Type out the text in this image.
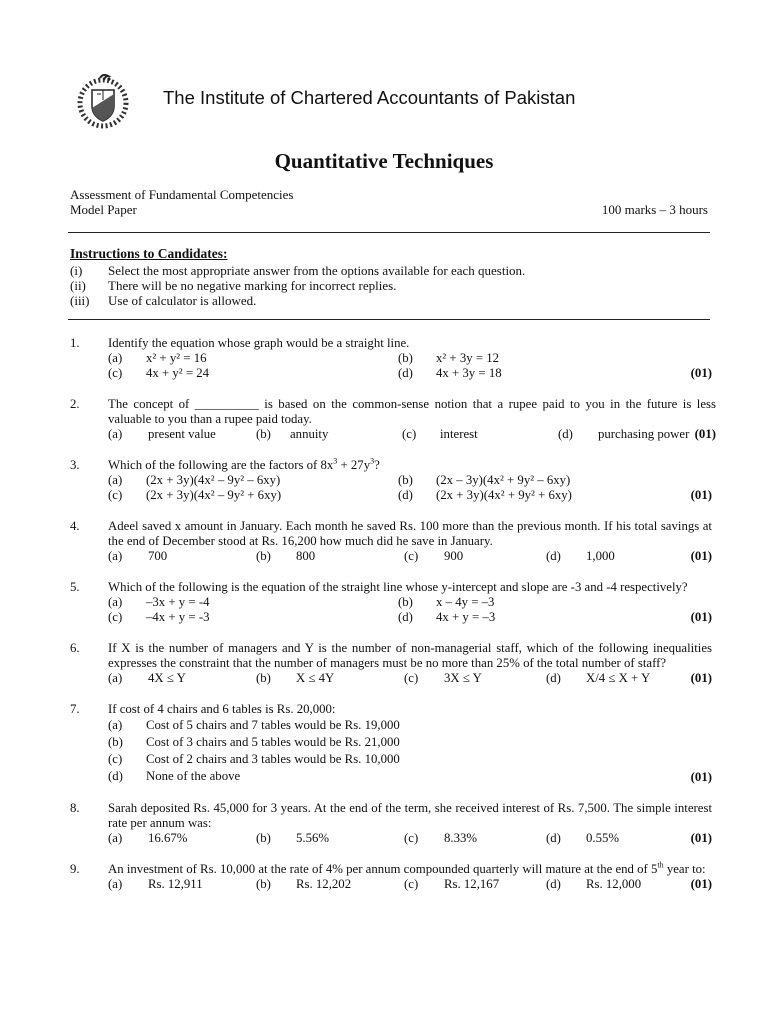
The Institute of Chartered Accountants of Pakistan
Quantitative Techniques
Assessment of Fundamental Competencies
Model Paper	100 marks – 3 hours
Instructions to Candidates:
(i)	Select the most appropriate answer from the options available for each question.
(ii)	There will be no negative marking for incorrect replies.
(iii)	Use of calculator is allowed.
1.	Identify the equation whose graph would be a straight line.
(a)	x² + y² = 16	(b)	x² + 3y = 12
(c)	4x + y² = 24	(d)	4x + 3y = 18	(01)
2.	The concept of __________ is based on the common-sense notion that a rupee paid to you in the future is less valuable to you than a rupee paid today.
(a)	present value	(b)	annuity	(c)	interest	(d)	purchasing power (01)
3.	Which of the following are the factors of $8x^3 + 27y^3$?
(a)	(2x + 3y)(4x² – 9y² – 6xy)	(b)	(2x – 3y)(4x² + 9y² – 6xy)
(c)	(2x + 3y)(4x² – 9y² + 6xy)	(d)	(2x + 3y)(4x² + 9y² + 6xy)	(01)
4.	Adeel saved x amount in January. Each month he saved Rs. 100 more than the previous month. If his total savings at the end of December stood at Rs. 16,200 how much did he save in January.
(a)	700	(b)	800	(c)	900	(d)	1,000	(01)
5.	Which of the following is the equation of the straight line whose y-intercept and slope are -3 and -4 respectively?
(a)	–3x + y = -4	(b)	x – 4y = –3
(c)	–4x + y = -3	(d)	4x + y = –3	(01)
6.	If X is the number of managers and Y is the number of non-managerial staff, which of the following inequalities expresses the constraint that the number of managers must be no more than 25% of the total number of staff?
(a)	4X ≤ Y	(b)	X ≤ 4Y	(c)	3X ≤ Y	(d)	X/4 ≤ X + Y	(01)
7.	If cost of 4 chairs and 6 tables is Rs. 20,000:
(a)	Cost of 5 chairs and 7 tables would be Rs. 19,000
(b)	Cost of 3 chairs and 5 tables would be Rs. 21,000
(c)	Cost of 2 chairs and 3 tables would be Rs. 10,000
(d)	None of the above	(01)
8.	Sarah deposited Rs. 45,000 for 3 years. At the end of the term, she received interest of Rs. 7,500. The simple interest rate per annum was:
(a)	16.67%	(b)	5.56%	(c)	8.33%	(d)	0.55%	(01)
9.	An investment of Rs. 10,000 at the rate of 4% per annum compounded quarterly will mature at the end of 5th year to:
(a)	Rs. 12,911	(b)	Rs. 12,202	(c)	Rs. 12,167	(d)	Rs. 12,000	(01)
